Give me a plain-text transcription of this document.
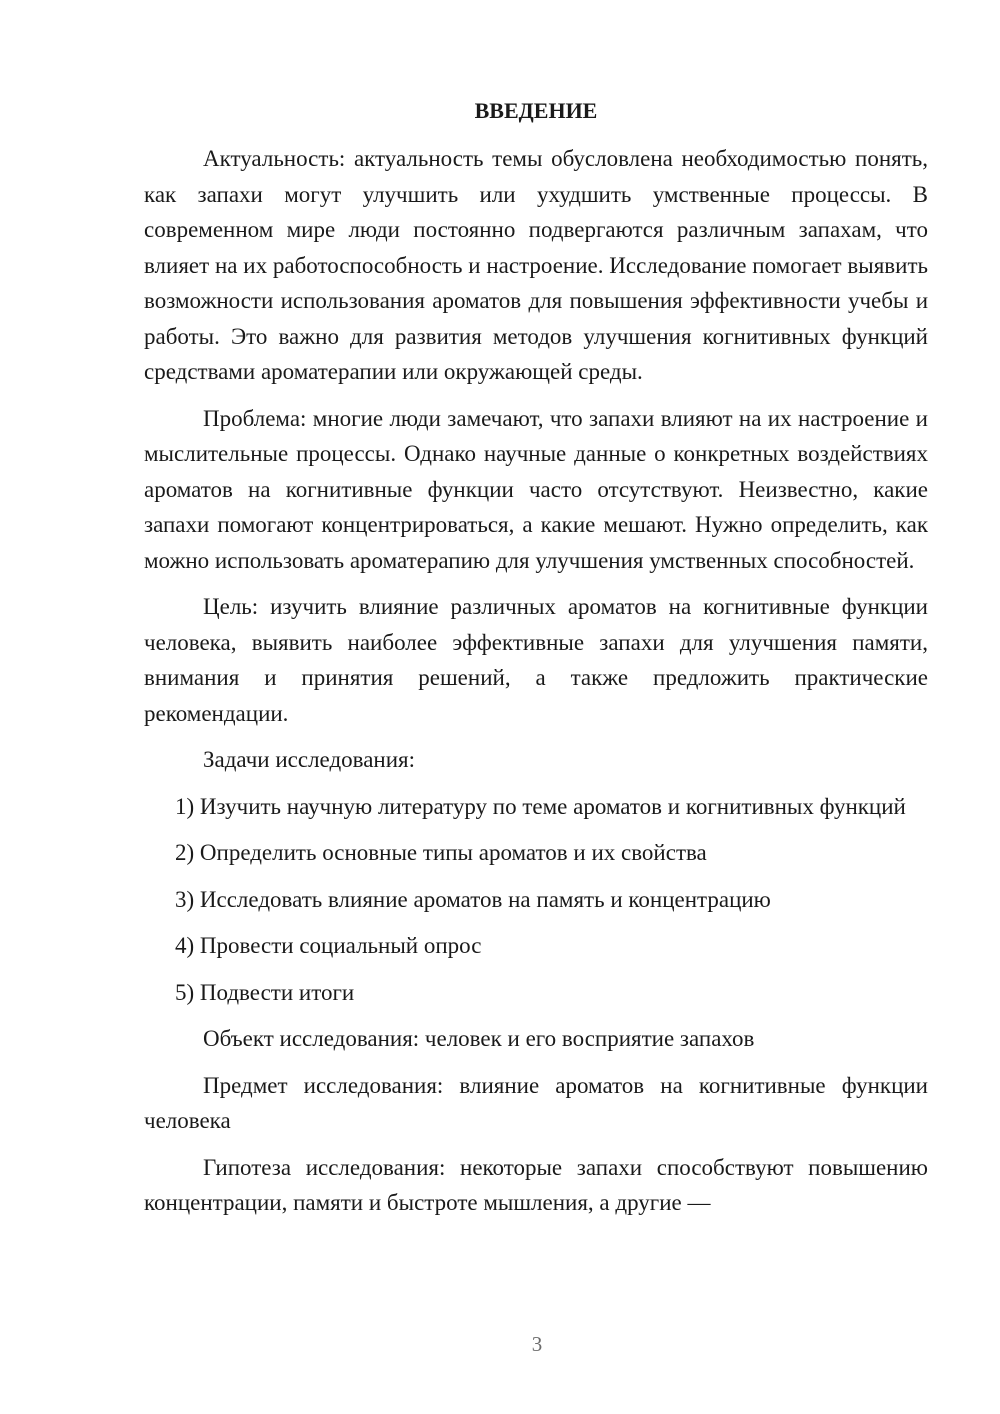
ВВЕДЕНИЕ

Актуальность: актуальность темы обусловлена необходимостью понять, как запахи могут улучшить или ухудшить умственные процессы. В современном мире люди постоянно подвергаются различным запахам, что влияет на их работоспособность и настроение. Исследование помогает выявить возможности использования ароматов для повышения эффективности учебы и работы. Это важно для развития методов улучшения когнитивных функций средствами ароматерапии или окружающей среды.

Проблема: многие люди замечают, что запахи влияют на их настроение и мыслительные процессы. Однако научные данные о конкретных воздействиях ароматов на когнитивные функции часто отсутствуют. Неизвестно, какие запахи помогают концентрироваться, а какие мешают. Нужно определить, как можно использовать ароматерапию для улучшения умственных способностей.

Цель: изучить влияние различных ароматов на когнитивные функции человека, выявить наиболее эффективные запахи для улучшения памяти, внимания и принятия решений, а также предложить практические рекомендации.

Задачи исследования:

1) Изучить научную литературу по теме ароматов и когнитивных функций

2) Определить основные типы ароматов и их свойства

3) Исследовать влияние ароматов на память и концентрацию

4) Провести социальный опрос

5) Подвести итоги

Объект исследования: человек и его восприятие запахов

Предмет исследования: влияние ароматов на когнитивные функции человека

Гипотеза исследования: некоторые запахи способствуют повышению концентрации, памяти и быстроте мышления, а другие —

3
